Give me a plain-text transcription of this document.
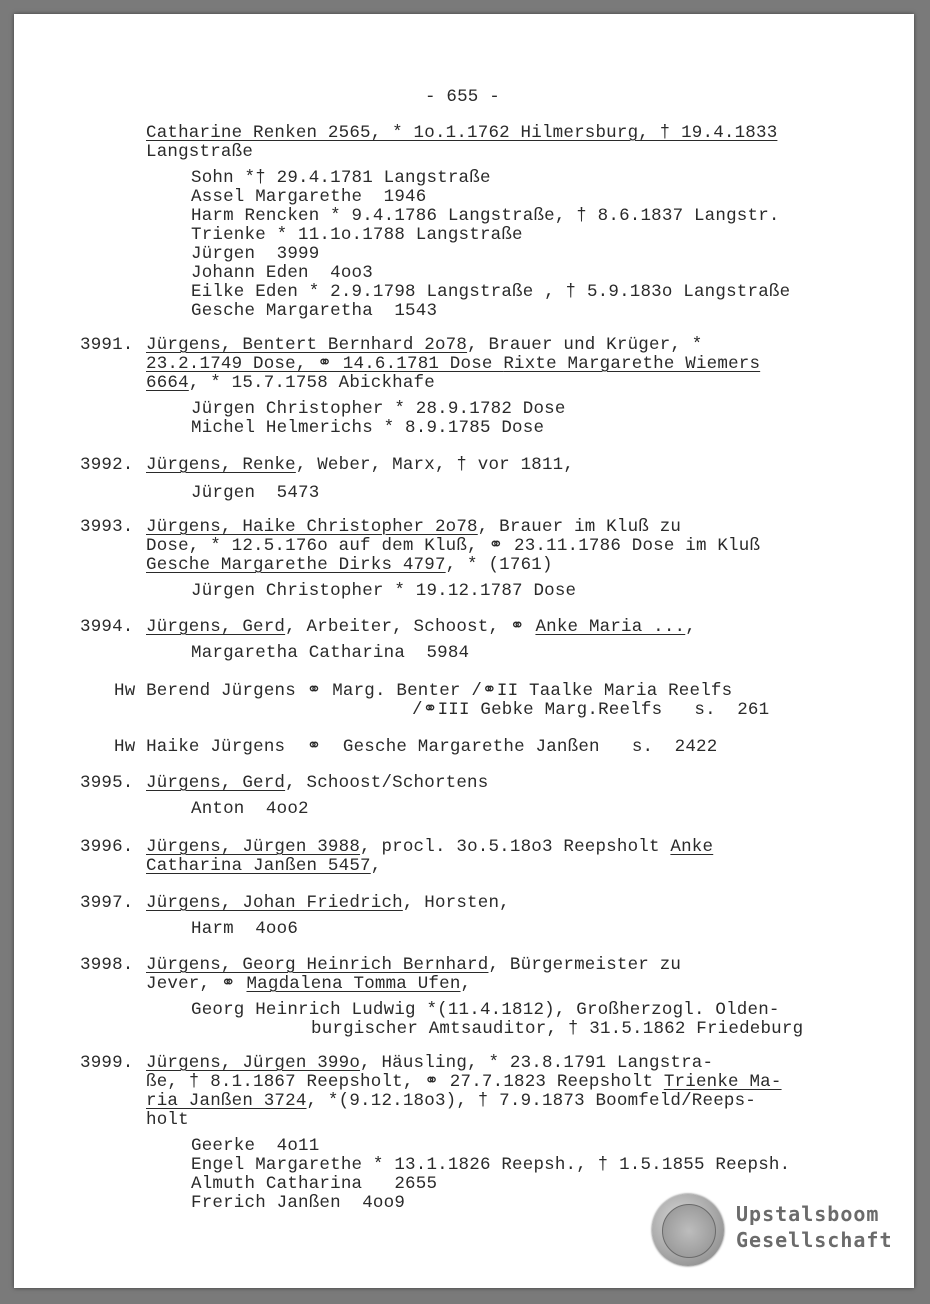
- 655 -
Catharine Renken 2565, * 1o.1.1762 Hilmersburg, † 19.4.1833
Langstraße
Sohn *† 29.4.1781 Langstraße
Assel Margarethe  1946
Harm Rencken * 9.4.1786 Langstraße, † 8.6.1837 Langstr.
Trienke * 11.1o.1788 Langstraße
Jürgen  3999
Johann Eden  4oo3
Eilke Eden * 2.9.1798 Langstraße , † 5.9.183o Langstraße
Gesche Margaretha  1543
3991. Jürgens, Bentert Bernhard 2o78, Brauer und Krüger, *
23.2.1749 Dose, ⚭ 14.6.1781 Dose Rixte Margarethe Wiemers
6664, * 15.7.1758 Abickhafe
Jürgen Christopher * 28.9.1782 Dose
Michel Helmerichs * 8.9.1785 Dose
3992. Jürgens, Renke, Weber, Marx, † vor 1811,
Jürgen  5473
3993. Jürgens, Haike Christopher 2o78, Brauer im Kluß zu
Dose, * 12.5.176o auf dem Kluß, ⚭ 23.11.1786 Dose im Kluß
Gesche Margarethe Dirks 4797, * (1761)
Jürgen Christopher * 19.12.1787 Dose
3994. Jürgens, Gerd, Arbeiter, Schoost, ⚭ Anke Maria ...,
Margaretha Catharina  5984
Hw Berend Jürgens ⚭ Marg. Benter /⚭II Taalke Maria Reelfs
/⚭III Gebke Marg.Reelfs   s.  261
Hw Haike Jürgens  ⚭  Gesche Margarethe Janßen   s.  2422
3995. Jürgens, Gerd, Schoost/Schortens
Anton  4oo2
3996. Jürgens, Jürgen 3988, procl. 3o.5.18o3 Reepsholt Anke
Catharina Janßen 5457,
3997. Jürgens, Johan Friedrich, Horsten,
Harm  4oo6
3998. Jürgens, Georg Heinrich Bernhard, Bürgermeister zu
Jever, ⚭ Magdalena Tomma Ufen,
Georg Heinrich Ludwig *(11.4.1812), Großherzogl. Olden-
burgischer Amtsauditor, † 31.5.1862 Friedeburg
3999. Jürgens, Jürgen 399o, Häusling, * 23.8.1791 Langstra-
ße, † 8.1.1867 Reepsholt, ⚭ 27.7.1823 Reepsholt Trienke Ma-
ria Janßen 3724, *(9.12.18o3), † 7.9.1873 Boomfeld/Reeps-
holt
Geerke  4o11
Engel Margarethe * 13.1.1826 Reepsh., † 1.5.1855 Reepsh.
Almuth Catharina   2655
Frerich Janßen  4oo9	Upstalsboom
Gesellschaft
